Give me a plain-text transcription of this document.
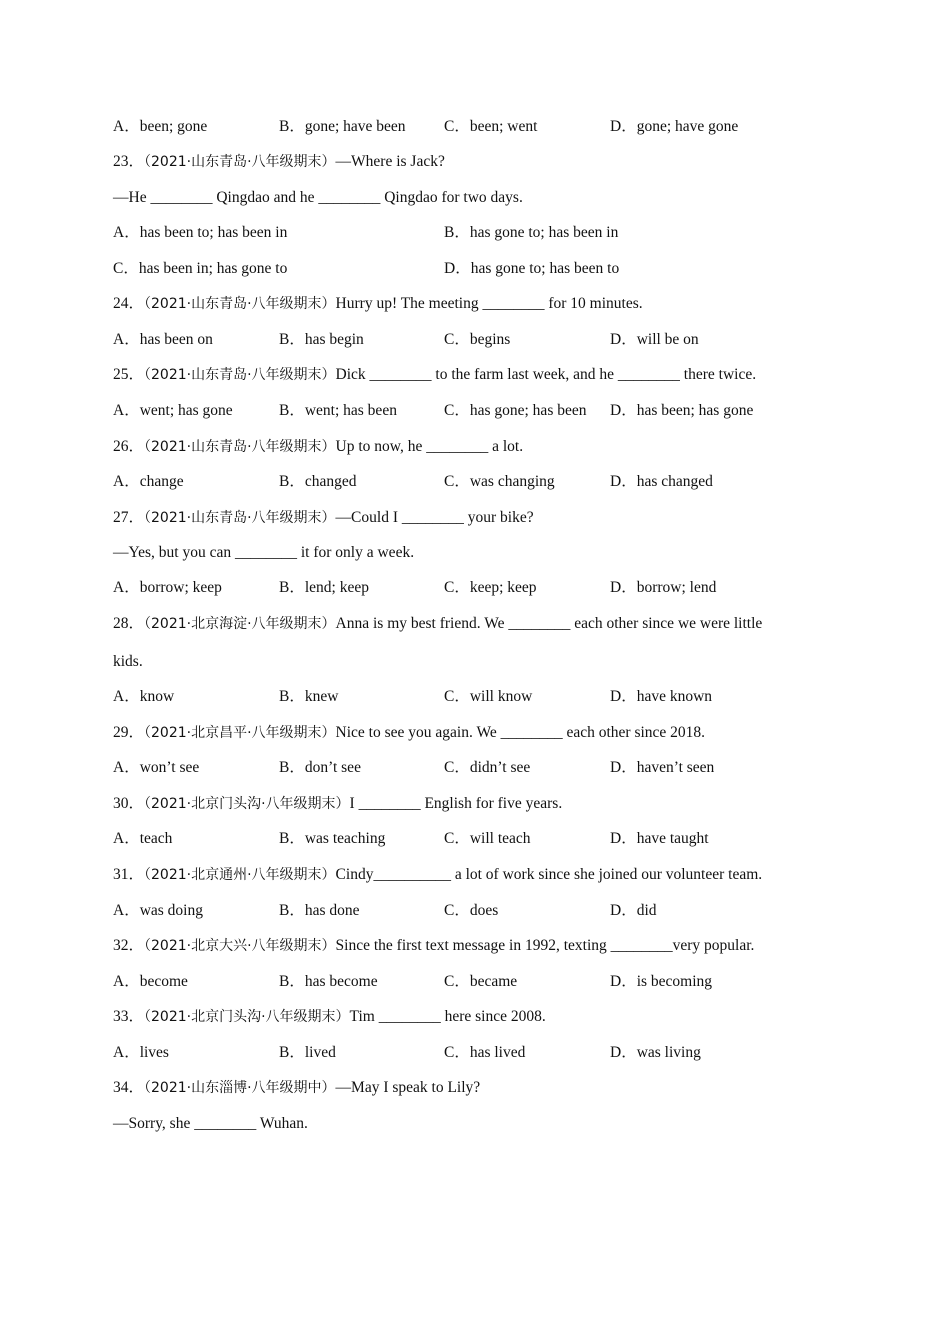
A．been; gone	B．gone; have been C．been; went	D．gone; have gone
23．（2021·山东青岛·八年级期末）—Where is Jack?
—He ________ Qingdao and he ________ Qingdao for two days.
A．has been to; has been in	B．has gone to; has been in
C．has been in; has gone to	D．has gone to; has been to
24．（2021·山东青岛·八年级期末）Hurry up! The meeting ________ for 10 minutes.
A．has been on	B．has begin	C．begins	D．will be on
25．（2021·山东青岛·八年级期末）Dick ________ to the farm last week, and he ________ there twice.
A．went; has gone	B．went; has been	C．has gone; has been D．has been; has gone
26．（2021·山东青岛·八年级期末）Up to now, he ________ a lot.
A．change	B．changed	C．was changing	D．has changed
27．（2021·山东青岛·八年级期末）—Could I ________ your bike?
—Yes, but you can ________ it for only a week.
A．borrow; keep	B．lend; keep	C．keep; keep	D．borrow; lend
28．（2021·北京海淀·八年级期末）Anna is my best friend. We ________ each other since we were little
kids.
A．know	B．knew	C．will know	D．have known
29．（2021·北京昌平·八年级期末）Nice to see you again. We ________ each other since 2018.
A．won’t see	B．don’t see	C．didn’t see	D．haven’t seen
30．（2021·北京门头沟·八年级期末）I ________ English for five years.
A．teach	B．was teaching	C．will teach	D．have taught
31．（2021·北京通州·八年级期末）Cindy__________ a lot of work since she joined our volunteer team.
A．was doing	B．has done	C．does	D．did
32．（2021·北京大兴·八年级期末）Since the first text message in 1992, texting ________very popular.
A．become	B．has become	C．became	D．is becoming
33．（2021·北京门头沟·八年级期末）Tim ________ here since 2008.
A．lives	B．lived	C．has lived	D．was living
34．（2021·山东淄博·八年级期中）—May I speak to Lily?
—Sorry, she ________ Wuhan.
